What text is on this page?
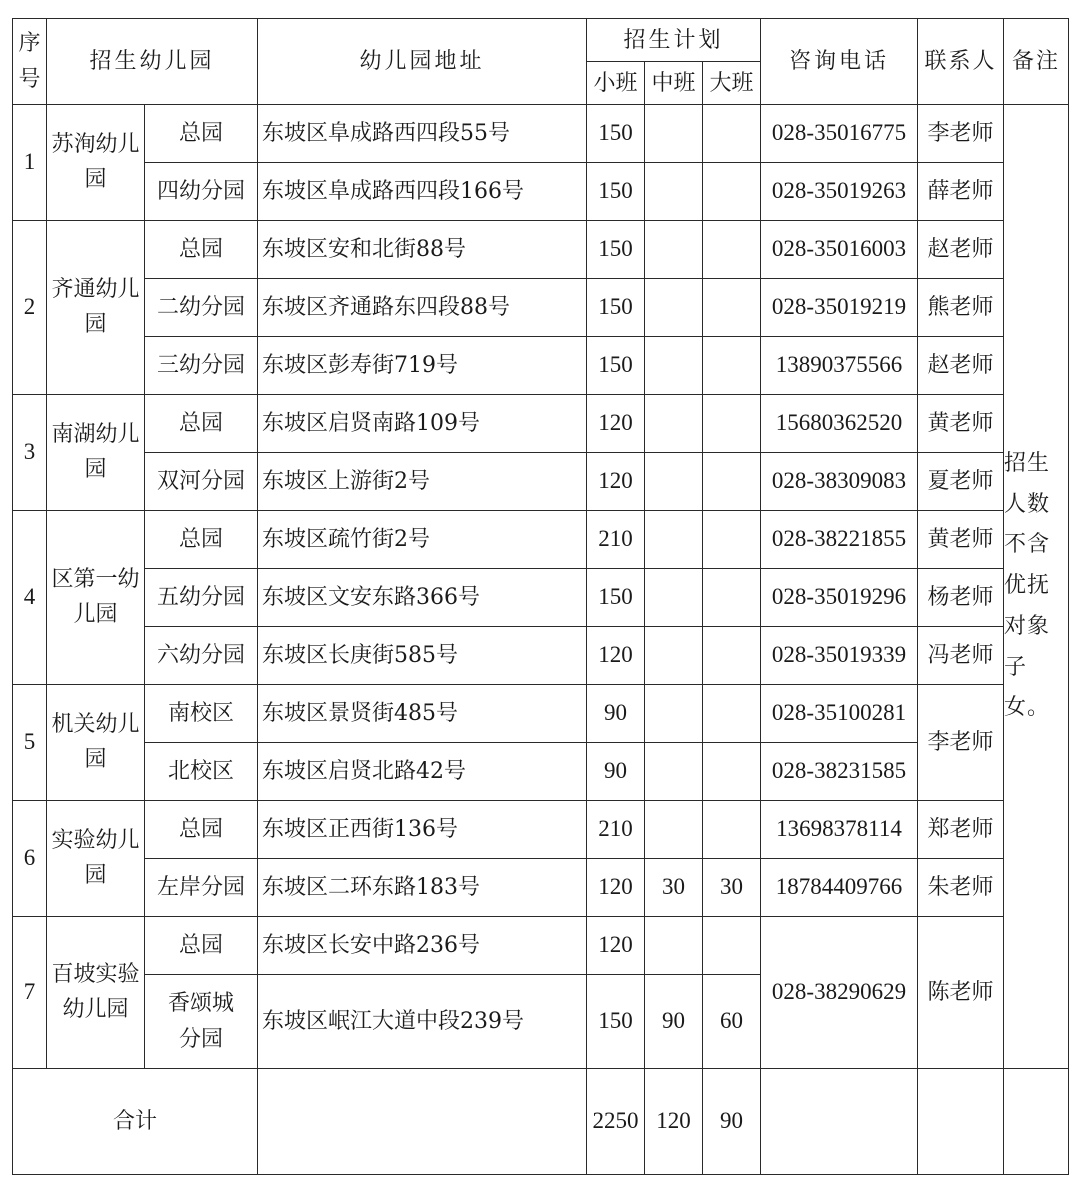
序号	招生幼儿园		幼儿园地址	招生计划			咨询电话	联系人	备注
				小班	中班	大班			
1	苏洵幼儿园	总园	东坡区阜成路西四段55号	150			028-35016775	李老师	招生人数不含优抚对象子女。
		四幼分园	东坡区阜成路西四段166号	150			028-35019263	薛老师	
2	齐通幼儿园	总园	东坡区安和北街88号	150			028-35016003	赵老师	
		二幼分园	东坡区齐通路东四段88号	150			028-35019219	熊老师	
		三幼分园	东坡区彭寿街719号	150			13890375566	赵老师	
3	南湖幼儿园	总园	东坡区启贤南路109号	120			15680362520	黄老师	
		双河分园	东坡区上游街2号	120			028-38309083	夏老师	
4	区第一幼儿园	总园	东坡区疏竹街2号	210			028-38221855	黄老师	
		五幼分园	东坡区文安东路366号	150			028-35019296	杨老师	
		六幼分园	东坡区长庚街585号	120			028-35019339	冯老师	
5	机关幼儿园	南校区	东坡区景贤街485号	90			028-35100281	李老师	
		北校区	东坡区启贤北路42号	90			028-38231585		
6	实验幼儿园	总园	东坡区正西街136号	210			13698378114	郑老师	
		左岸分园	东坡区二环东路183号	120	30	30	18784409766	朱老师	
7	百坡实验幼儿园	总园	东坡区长安中路236号	120			028-38290629	陈老师	
		香颂城分园	东坡区岷江大道中段239号	150	90	60			
合计				2250	120	90			
